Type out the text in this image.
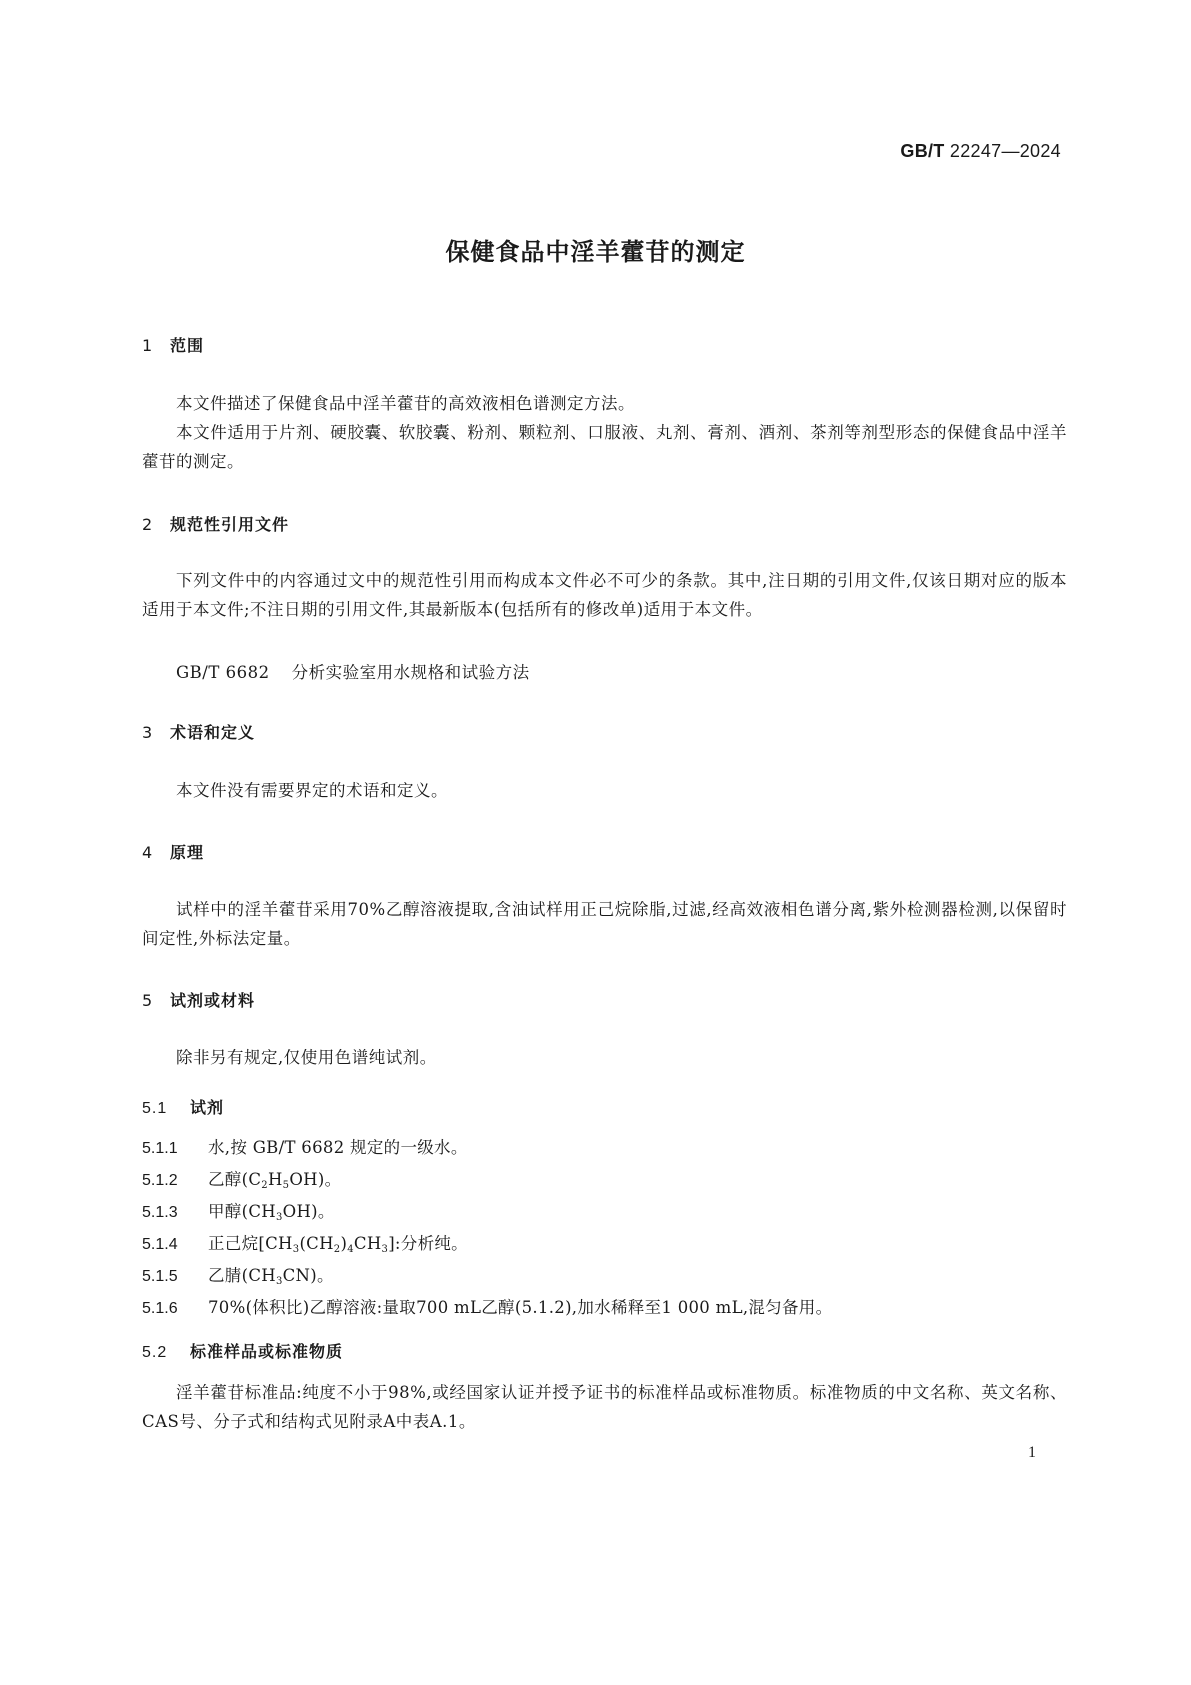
GB/T 22247—2024
保健食品中淫羊藿苷的测定
1 范围
本文件描述了保健食品中淫羊藿苷的高效液相色谱测定方法。
本文件适用于片剂、硬胶囊、软胶囊、粉剂、颗粒剂、口服液、丸剂、膏剂、酒剂、茶剂等剂型形态的保健食品中淫羊藿苷的测定。
2 规范性引用文件
下列文件中的内容通过文中的规范性引用而构成本文件必不可少的条款。其中,注日期的引用文件,仅该日期对应的版本适用于本文件;不注日期的引用文件,其最新版本(包括所有的修改单)适用于本文件。
GB/T 6682 分析实验室用水规格和试验方法
3 术语和定义
本文件没有需要界定的术语和定义。
4 原理
试样中的淫羊藿苷采用70%乙醇溶液提取,含油试样用正己烷除脂,过滤,经高效液相色谱分离,紫外检测器检测,以保留时间定性,外标法定量。
5 试剂或材料
除非另有规定,仅使用色谱纯试剂。
5.1 试剂
5.1.1 水,按 GB/T 6682 规定的一级水。
5.1.2 乙醇$(C_2H_5OH)$。
5.1.3 甲醇$(CH_3OH)$。
5.1.4 正己烷$[CH_3(CH_2)_4CH_3]$:分析纯。
5.1.5 乙腈$(CH_3CN)$。
5.1.6 70%(体积比)乙醇溶液:量取700 mL乙醇(5.1.2),加水稀释至1 000 mL,混匀备用。
5.2 标准样品或标准物质
淫羊藿苷标准品:纯度不小于98%,或经国家认证并授予证书的标准样品或标准物质。标准物质的中文名称、英文名称、CAS号、分子式和结构式见附录A中表A.1。
1
